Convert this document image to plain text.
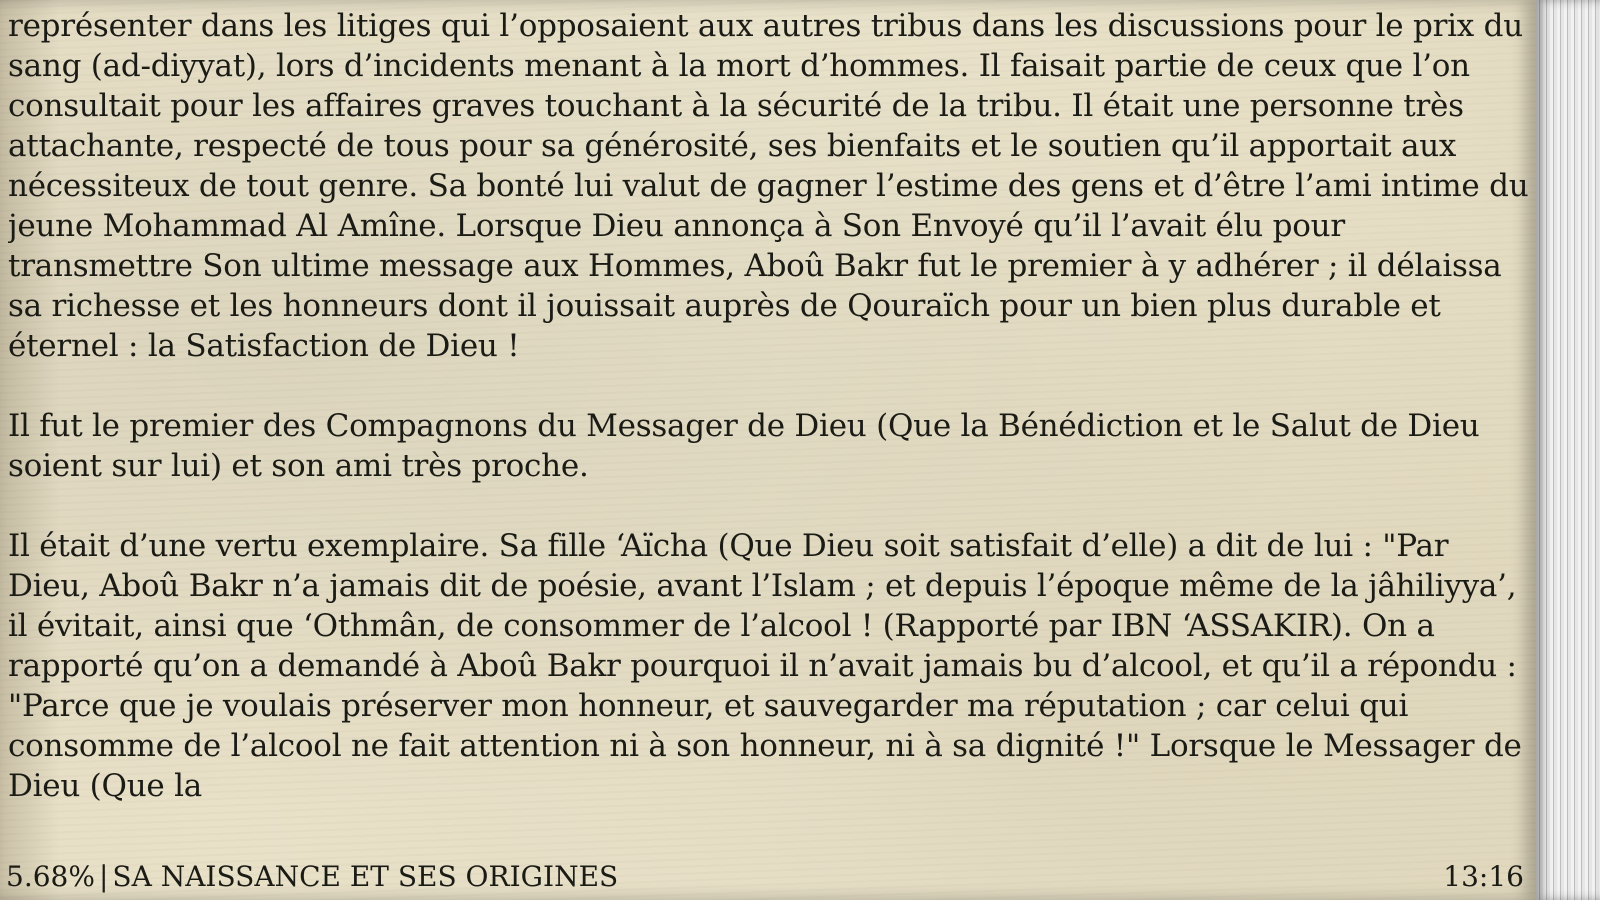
représenter dans les litiges qui l’opposaient aux autres tribus dans les discussions pour le prix du sang (ad-diyyat), lors d’incidents menant à la mort d’hommes. Il faisait partie de ceux que l’on consultait pour les affaires graves touchant à la sécurité de la tribu. Il était une personne très attachante, respecté de tous pour sa générosité, ses bienfaits et le soutien qu’il apportait aux nécessiteux de tout genre. Sa bonté lui valut de gagner l’estime des gens et d’être l’ami intime du jeune Mohammad Al Amîne. Lorsque Dieu annonça à Son Envoyé qu’il l’avait élu pour transmettre Son ultime message aux Hommes, Aboû Bakr fut le premier à y adhérer ; il délaissa sa richesse et les honneurs dont il jouissait auprès de Qouraïch pour un bien plus durable et éternel : la Satisfaction de Dieu !

Il fut le premier des Compagnons du Messager de Dieu (Que la Bénédiction et le Salut de Dieu soient sur lui) et son ami très proche.

Il était d’une vertu exemplaire. Sa fille ‘Aïcha (Que Dieu soit satisfait d’elle) a dit de lui : "Par Dieu, Aboû Bakr n’a jamais dit de poésie, avant l’Islam ; et depuis l’époque même de la jâhiliyya’, il évitait, ainsi que ‘Othmân, de consommer de l’alcool ! (Rapporté par IBN ‘ASSAKIR). On a rapporté qu’on a demandé à Aboû Bakr pourquoi il n’avait jamais bu d’alcool, et qu’il a répondu : "Parce que je voulais préserver mon honneur, et sauvegarder ma réputation ; car celui qui consomme de l’alcool ne fait attention ni à son honneur, ni à sa dignité !" Lorsque le Messager de Dieu (Que la

5.68% | SA NAISSANCE ET SES ORIGINES	13:16
